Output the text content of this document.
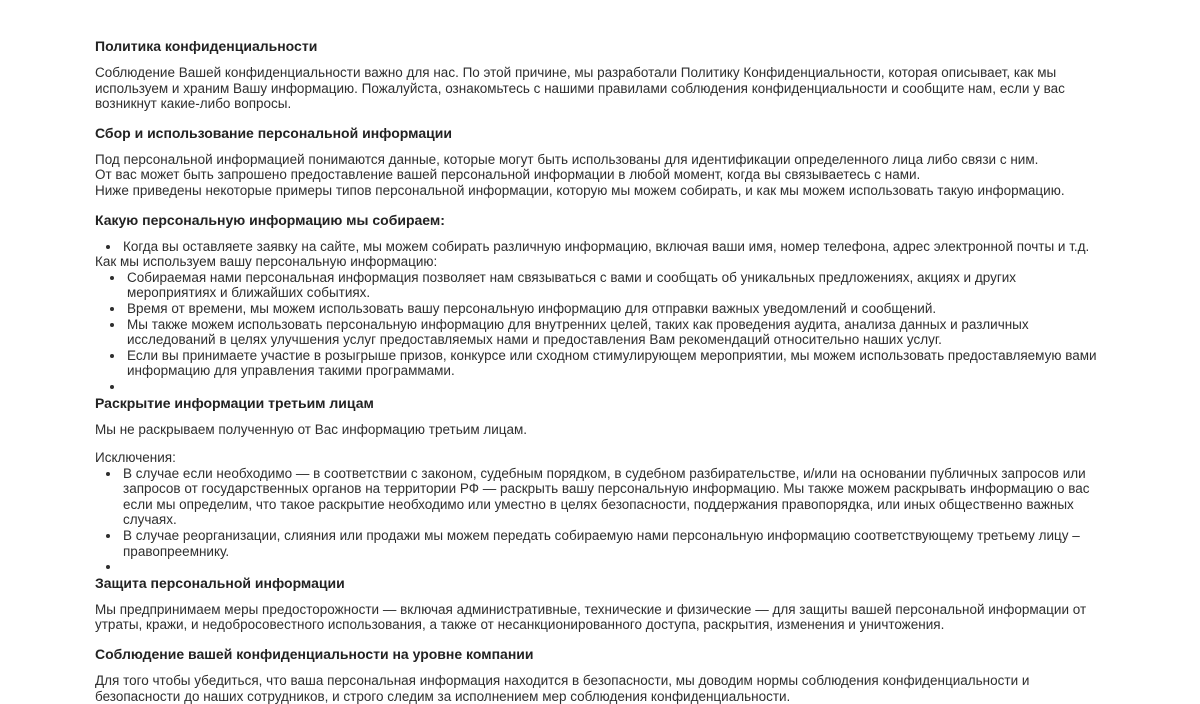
Политика конфиденциальности

Соблюдение Вашей конфиденциальности важно для нас. По этой причине, мы разработали Политику Конфиденциальности, которая описывает, как мы используем и храним Вашу информацию. Пожалуйста, ознакомьтесь с нашими правилами соблюдения конфиденциальности и сообщите нам, если у вас возникнут какие-либо вопросы.

Сбор и использование персональной информации
Под персональной информацией понимаются данные, которые могут быть использованы для идентификации определенного лица либо связи с ним.
От вас может быть запрошено предоставление вашей персональной информации в любой момент, когда вы связываетесь с нами.
Ниже приведены некоторые примеры типов персональной информации, которую мы можем собирать, и как мы можем использовать такую информацию.
Какую персональную информацию мы собираем:
• Когда вы оставляете заявку на сайте, мы можем собирать различную информацию, включая ваши имя, номер телефона, адрес электронной почты и т.д.
Как мы используем вашу персональную информацию:
• Собираемая нами персональная информация позволяет нам связываться с вами и сообщать об уникальных предложениях, акциях и других мероприятиях и ближайших событиях.
• Время от времени, мы можем использовать вашу персональную информацию для отправки важных уведомлений и сообщений.
• Мы также можем использовать персональную информацию для внутренних целей, таких как проведения аудита, анализа данных и различных исследований в целях улучшения услуг предоставляемых нами и предоставления Вам рекомендаций относительно наших услуг.
• Если вы принимаете участие в розыгрыше призов, конкурсе или сходном стимулирующем мероприятии, мы можем использовать предоставляемую вами информацию для управления такими программами.
•
Раскрытие информации третьим лицам

Мы не раскрываем полученную от Вас информацию третьим лицам.

Исключения:
• В случае если необходимо — в соответствии с законом, судебным порядком, в судебном разбирательстве, и/или на основании публичных запросов или запросов от государственных органов на территории РФ — раскрыть вашу персональную информацию. Мы также можем раскрывать информацию о вас если мы определим, что такое раскрытие необходимо или уместно в целях безопасности, поддержания правопорядка, или иных общественно важных случаях.
• В случае реорганизации, слияния или продажи мы можем передать собираемую нами персональную информацию соответствующему третьему лицу – правопреемнику.
•
Защита персональной информации

Мы предпринимаем меры предосторожности — включая административные, технические и физические — для защиты вашей персональной информации от утраты, кражи, и недобросовестного использования, а также от несанкционированного доступа, раскрытия, изменения и уничтожения.

Соблюдение вашей конфиденциальности на уровне компании

Для того чтобы убедиться, что ваша персональная информация находится в безопасности, мы доводим нормы соблюдения конфиденциальности и безопасности до наших сотрудников, и строго следим за исполнением мер соблюдения конфиденциальности.
